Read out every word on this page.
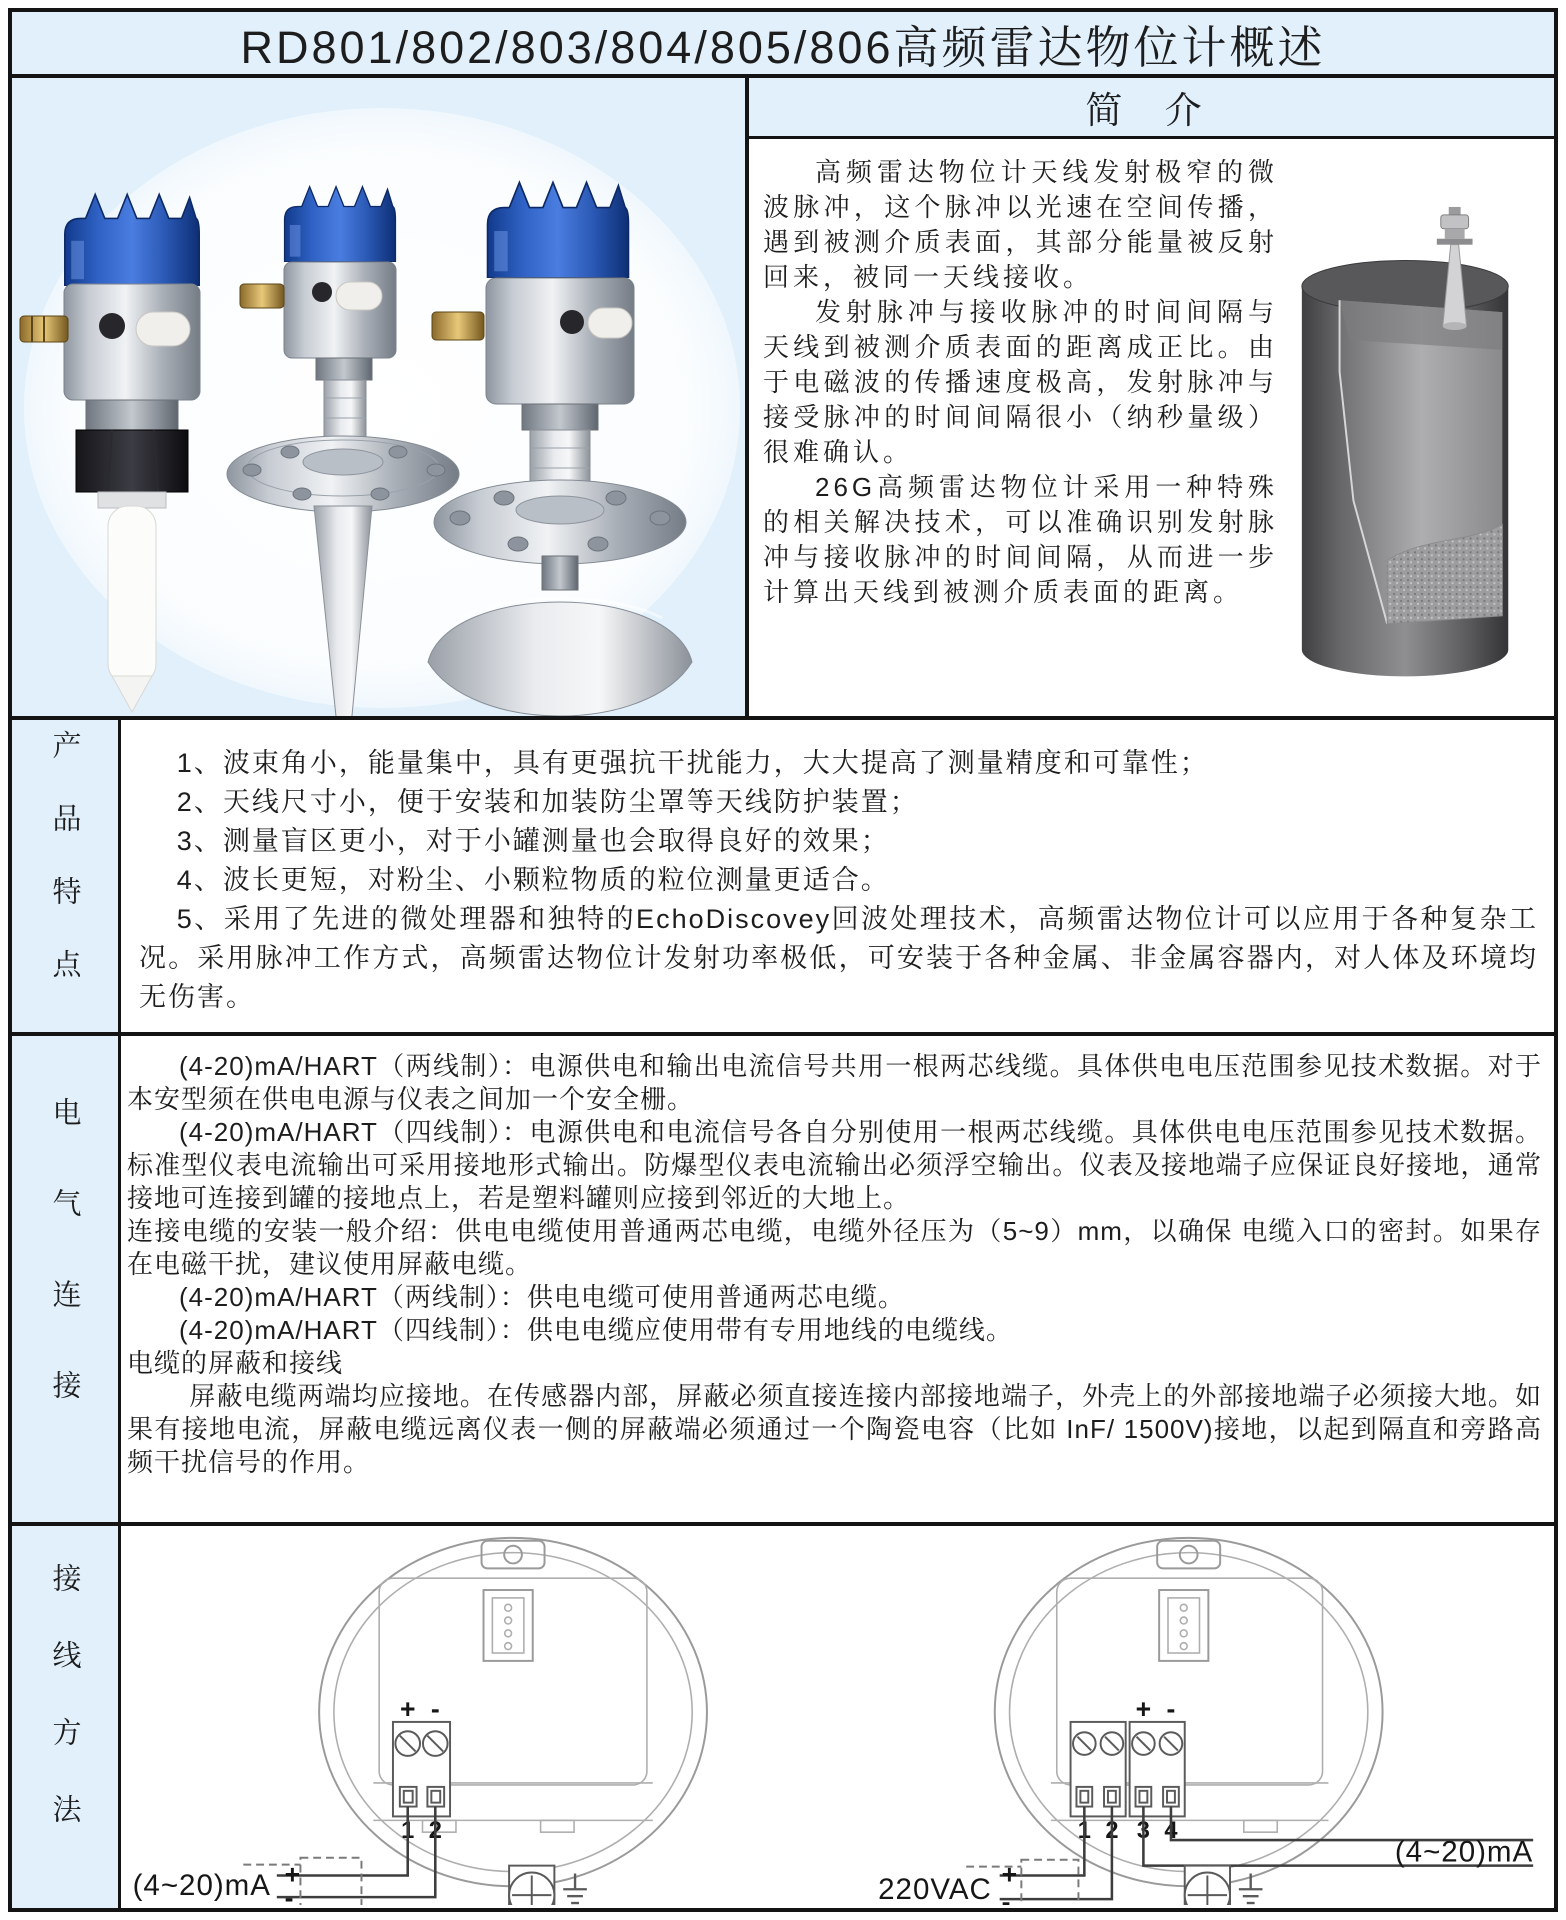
RD801/802/803/804/805/806高频雷达物位计概述
简 介

高频雷达物位计天线发射极窄的微波脉冲，这个脉冲以光速在空间传播，遇到被测介质表面，其部分能量被反射回来，被同一天线接收。

发射脉冲与接收脉冲的时间间隔与天线到被测介质表面的距离成正比。由于电磁波的传播速度极高，发射脉冲与接受脉冲的时间间隔很小（纳秒量级）很难确认。

26G高频雷达物位计采用一种特殊的相关解决技术，可以准确识别发射脉冲与接收脉冲的时间间隔，从而进一步计算出天线到被测介质表面的距离。

产品特点	1、波束角小，能量集中，具有更强抗干扰能力，大大提高了测量精度和可靠性；

2、天线尺寸小，便于安装和加装防尘罩等天线防护装置；

3、测量盲区更小，对于小罐测量也会取得良好的效果；

4、波长更短，对粉尘、小颗粒物质的粒位测量更适合。

5、采用了先进的微处理器和独特的EchoDiscovey回波处理技术，高频雷达物位计可以应用于各种复杂工况。采用脉冲工作方式，高频雷达物位计发射功率极低，可安装于各种金属、非金属容器内，对人体及环境均无伤害。

电气连接

(4-20)mA/HART（两线制）：电源供电和输出电流信号共用一根两芯线缆。具体供电电压范围参见技术数据。对于本安型须在供电电源与仪表之间加一个安全栅。

(4-20)mA/HART（四线制）：电源供电和电流信号各自分别使用一根两芯线缆。具体供电电压范围参见技术数据。标准型仪表电流输出可采用接地形式输出。防爆型仪表电流输出必须浮空输出。仪表及接地端子应保证良好接地，通常接地可连接到罐的接地点上，若是塑料罐则应接到邻近的大地上。

连接电缆的安装一般介绍：供电电缆使用普通两芯电缆，电缆外径压为（5~9）mm，以确保 电缆入口的密封。如果存在电磁干扰，建议使用屏蔽电缆。

(4-20)mA/HART（两线制）：供电电缆可使用普通两芯电缆。

(4-20)mA/HART（四线制）：供电电缆应使用带有专用地线的电缆线。

电缆的屏蔽和接线

屏蔽电缆两端均应接地。在传感器内部，屏蔽必须直接连接内部接地端子，外壳上的外部接地端子必须接大地。如果有接地电流，屏蔽电缆远离仪表一侧的屏蔽端必须通过一个陶瓷电容（比如 InF/ 1500V)接地，以起到隔直和旁路高频干扰信号的作用。

接线方法	+ -
1 2
(4~20)mA +
-
1 2
+ -
3 4
220VAC +
-
(4~20)mA
